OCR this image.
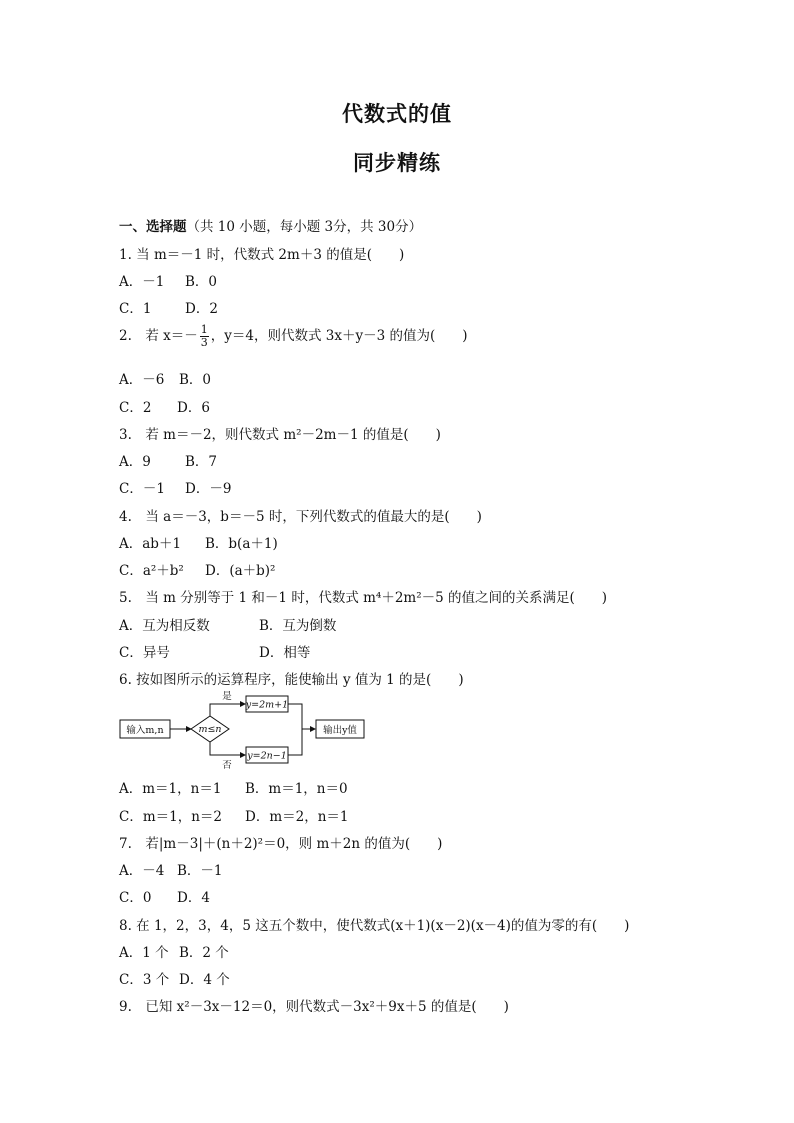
代数式的值
同步精练
一、选择题（共 10 小题，每小题 3分，共 30分）
1. 当 m＝－1 时，代数式 2m＋3 的值是(　　)
A．－1 B．0
C．1 D．2
2.　若 $x=- \frac{1}{3}$ ，y＝4，则代数式 3x＋y－3 的值为(　　)
A．－6 B．0
C．2 D．6
3.　若 m＝－2，则代数式 m²－2m－1 的值是(　　)
A．9	B．7
C．－1 D．－9
4.　当 a＝－3，b＝－5 时，下列代数式的值最大的是(　　)
A．ab＋1 B．b(a＋1)
C．a²＋b² D．(a＋b)²
5.　当 m 分别等于 1 和－1 时，代数式 m⁴＋2m²－5 的值之间的关系满足(　　)
A．互为相反数	B．互为倒数
C．异号	D．相等
6. 按如图所示的运算程序，能使输出 y 值为 1 的是(　　)
输入m,n	m≤n
是
y=2m+1
否
y=2n−1
输出y值
A．m＝1，n＝1 B．m＝1，n＝0
C．m＝1，n＝2 D．m＝2，n＝1
7.　若|m－3|＋(n＋2)²＝0，则 m＋2n 的值为(　　)
A．－4 B．－1
C．0 D．4
8. 在 1，2，3，4，5 这五个数中，使代数式(x＋1)(x－2)(x－4)的值为零的有(　　)
A．1 个 B．2 个
C．3 个 D．4 个
9.　已知 x²－3x－12＝0，则代数式－3x²＋9x＋5 的值是(　　)
